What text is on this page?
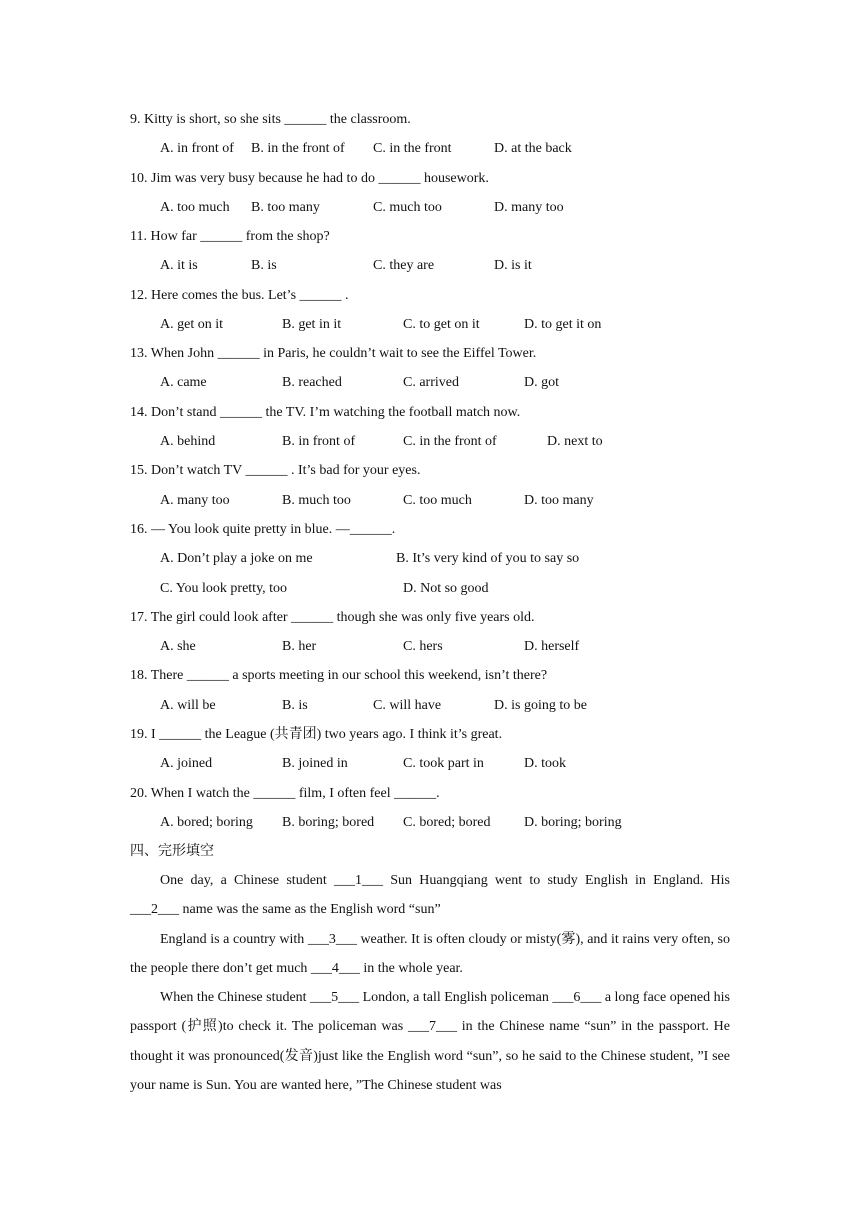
9. Kitty is short, so she sits ______ the classroom.
A. in front of B. in the front of C. in the front	D. at the back
10. Jim was very busy because he had to do ______ housework.
A. too much B. too many	C. much too	D. many too
11. How far ______ from the shop?
A. it is	B. is	C. they are	D. is it
12. Here comes the bus. Let’s ______ .
A. get on it	B. get in it	C. to get on it	D. to get it on
13. When John ______ in Paris, he couldn’t wait to see the Eiffel Tower.
A. came	B. reached	C. arrived	D. got
14. Don’t stand ______ the TV. I’m watching the football match now.
A. behind	B. in front of	C. in the front of	D. next to
15. Don’t watch TV ______ . It’s bad for your eyes.
A. many too	B. much too	C. too much	D. too many
16. — You look quite pretty in blue. —______.
A. Don’t play a joke on me	B. It’s very kind of you to say so
C. You look pretty, too	D. Not so good
17. The girl could look after ______ though she was only five years old.
A. she	B. her	C. hers	D. herself
18. There ______ a sports meeting in our school this weekend, isn’t there?
A. will be	B. is	C. will have	D. is going to be
19. I ______ the League (共青团) two years ago. I think it’s great.
A. joined	B. joined in	C. took part in	D. took
20. When I watch the ______ film, I often feel ______.
A. bored; boring B. boring; bored C. bored; bored D. boring; boring
四、完形填空
One day, a Chinese student ___1___ Sun Huangqiang went to study English in England. His ___2___ name was the same as the English word “sun”
England is a country with ___3___ weather. It is often cloudy or misty(雾), and it rains very often, so the people there don’t get much ___4___ in the whole year.
When the Chinese student ___5___ London, a tall English policeman ___6___ a long face opened his passport (护照)to check it. The policeman was ___7___ in the Chinese name “sun” in the passport. He thought it was pronounced(发音)just like the English word “sun”, so he said to the Chinese student, ”I see your name is Sun. You are wanted here, ”The Chinese student was
